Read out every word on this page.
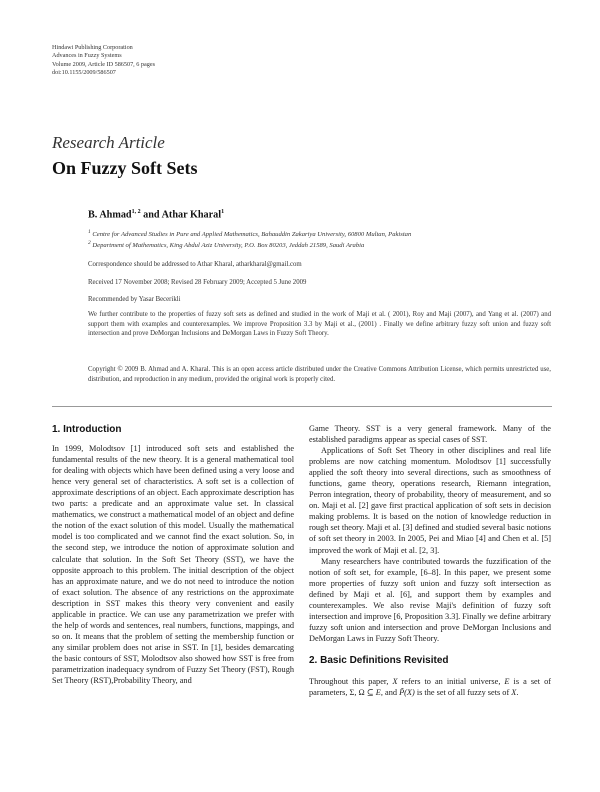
Hindawi Publishing Corporation
Advances in Fuzzy Systems
Volume 2009, Article ID 586507, 6 pages
doi:10.1155/2009/586507
Research Article
On Fuzzy Soft Sets
B. Ahmad$^{1, 2}$ and Athar Kharal$^1$
$^1$ Centre for Advanced Studies in Pure and Applied Mathematics, Bahauddin Zakariya University, 60800 Multan, Pakistan
$^2$ Department of Mathematics, King Abdul Aziz University, P.O. Box 80203, Jeddah 21589, Saudi Arabia
Correspondence should be addressed to Athar Kharal, atharkharal@gmail.com
Received 17 November 2008; Revised 28 February 2009; Accepted 5 June 2009
Recommended by Yasar Becerikli
We further contribute to the properties of fuzzy soft sets as defined and studied in the work of Maji et al. ( 2001), Roy and Maji (2007), and Yang et al. (2007) and support them with examples and counterexamples. We improve Proposition 3.3 by Maji et al., (2001) . Finally we define arbitrary fuzzy soft union and fuzzy soft intersection and prove DeMorgan Inclusions and DeMorgan Laws in Fuzzy Soft Theory.
Copyright © 2009 B. Ahmad and A. Kharal. This is an open access article distributed under the Creative Commons Attribution License, which permits unrestricted use, distribution, and reproduction in any medium, provided the original work is properly cited.
1. Introduction

In 1999, Molodtsov [1] introduced soft sets and established the fundamental results of the new theory. It is a general mathematical tool for dealing with objects which have been defined using a very loose and hence very general set of characteristics. A soft set is a collection of approximate descriptions of an object. Each approximate description has two parts: a predicate and an approximate value set. In classical mathematics, we construct a mathematical model of an object and define the notion of the exact solution of this model. Usually the mathematical model is too complicated and we cannot find the exact solution. So, in the second step, we introduce the notion of approximate solution and calculate that solution. In the Soft Set Theory (SST), we have the opposite approach to this problem. The initial description of the object has an approximate nature, and we do not need to introduce the notion of exact solution. The absence of any restrictions on the approximate description in SST makes this theory very convenient and easily applicable in practice. We can use any parametrization we prefer with the help of words and sentences, real numbers, functions, mappings, and so on. It means that the problem of setting the membership function or any similar problem does not arise in SST. In [1], besides demarcating the basic contours of SST, Molodtsov also showed how SST is free from parametrization inadequacy syndrom of Fuzzy Set Theory (FST), Rough Set Theory (RST),Probability Theory, and

Game Theory. SST is a very general framework. Many of the established paradigms appear as special cases of SST.

Applications of Soft Set Theory in other disciplines and real life problems are now catching momentum. Molodtsov [1] successfully applied the soft theory into several directions, such as smoothness of functions, game theory, operations research, Riemann integration, Perron integration, theory of probability, theory of measurement, and so on. Maji et al. [2] gave first practical application of soft sets in decision making problems. It is based on the notion of knowledge reduction in rough set theory. Maji et al. [3] defined and studied several basic notions of soft set theory in 2003. In 2005, Pei and Miao [4] and Chen et al. [5] improved the work of Maji et al. [2, 3].

Many researchers have contributed towards the fuzzification of the notion of soft set, for example, [6–8]. In this paper, we present some more properties of fuzzy soft union and fuzzy soft intersection as defined by Maji et al. [6], and support them by examples and counterexamples. We also revise Maji's definition of fuzzy soft intersection and improve [6, Proposition 3.3]. Finally we define arbitrary fuzzy soft union and intersection and prove DeMorgan Inclusions and DeMorgan Laws in Fuzzy Soft Theory.

2. Basic Definitions Revisited

Throughout this paper, X refers to an initial universe, E is a set of parameters, Σ, Ω ⊆ E, and P̃(X) is the set of all fuzzy sets of X.
